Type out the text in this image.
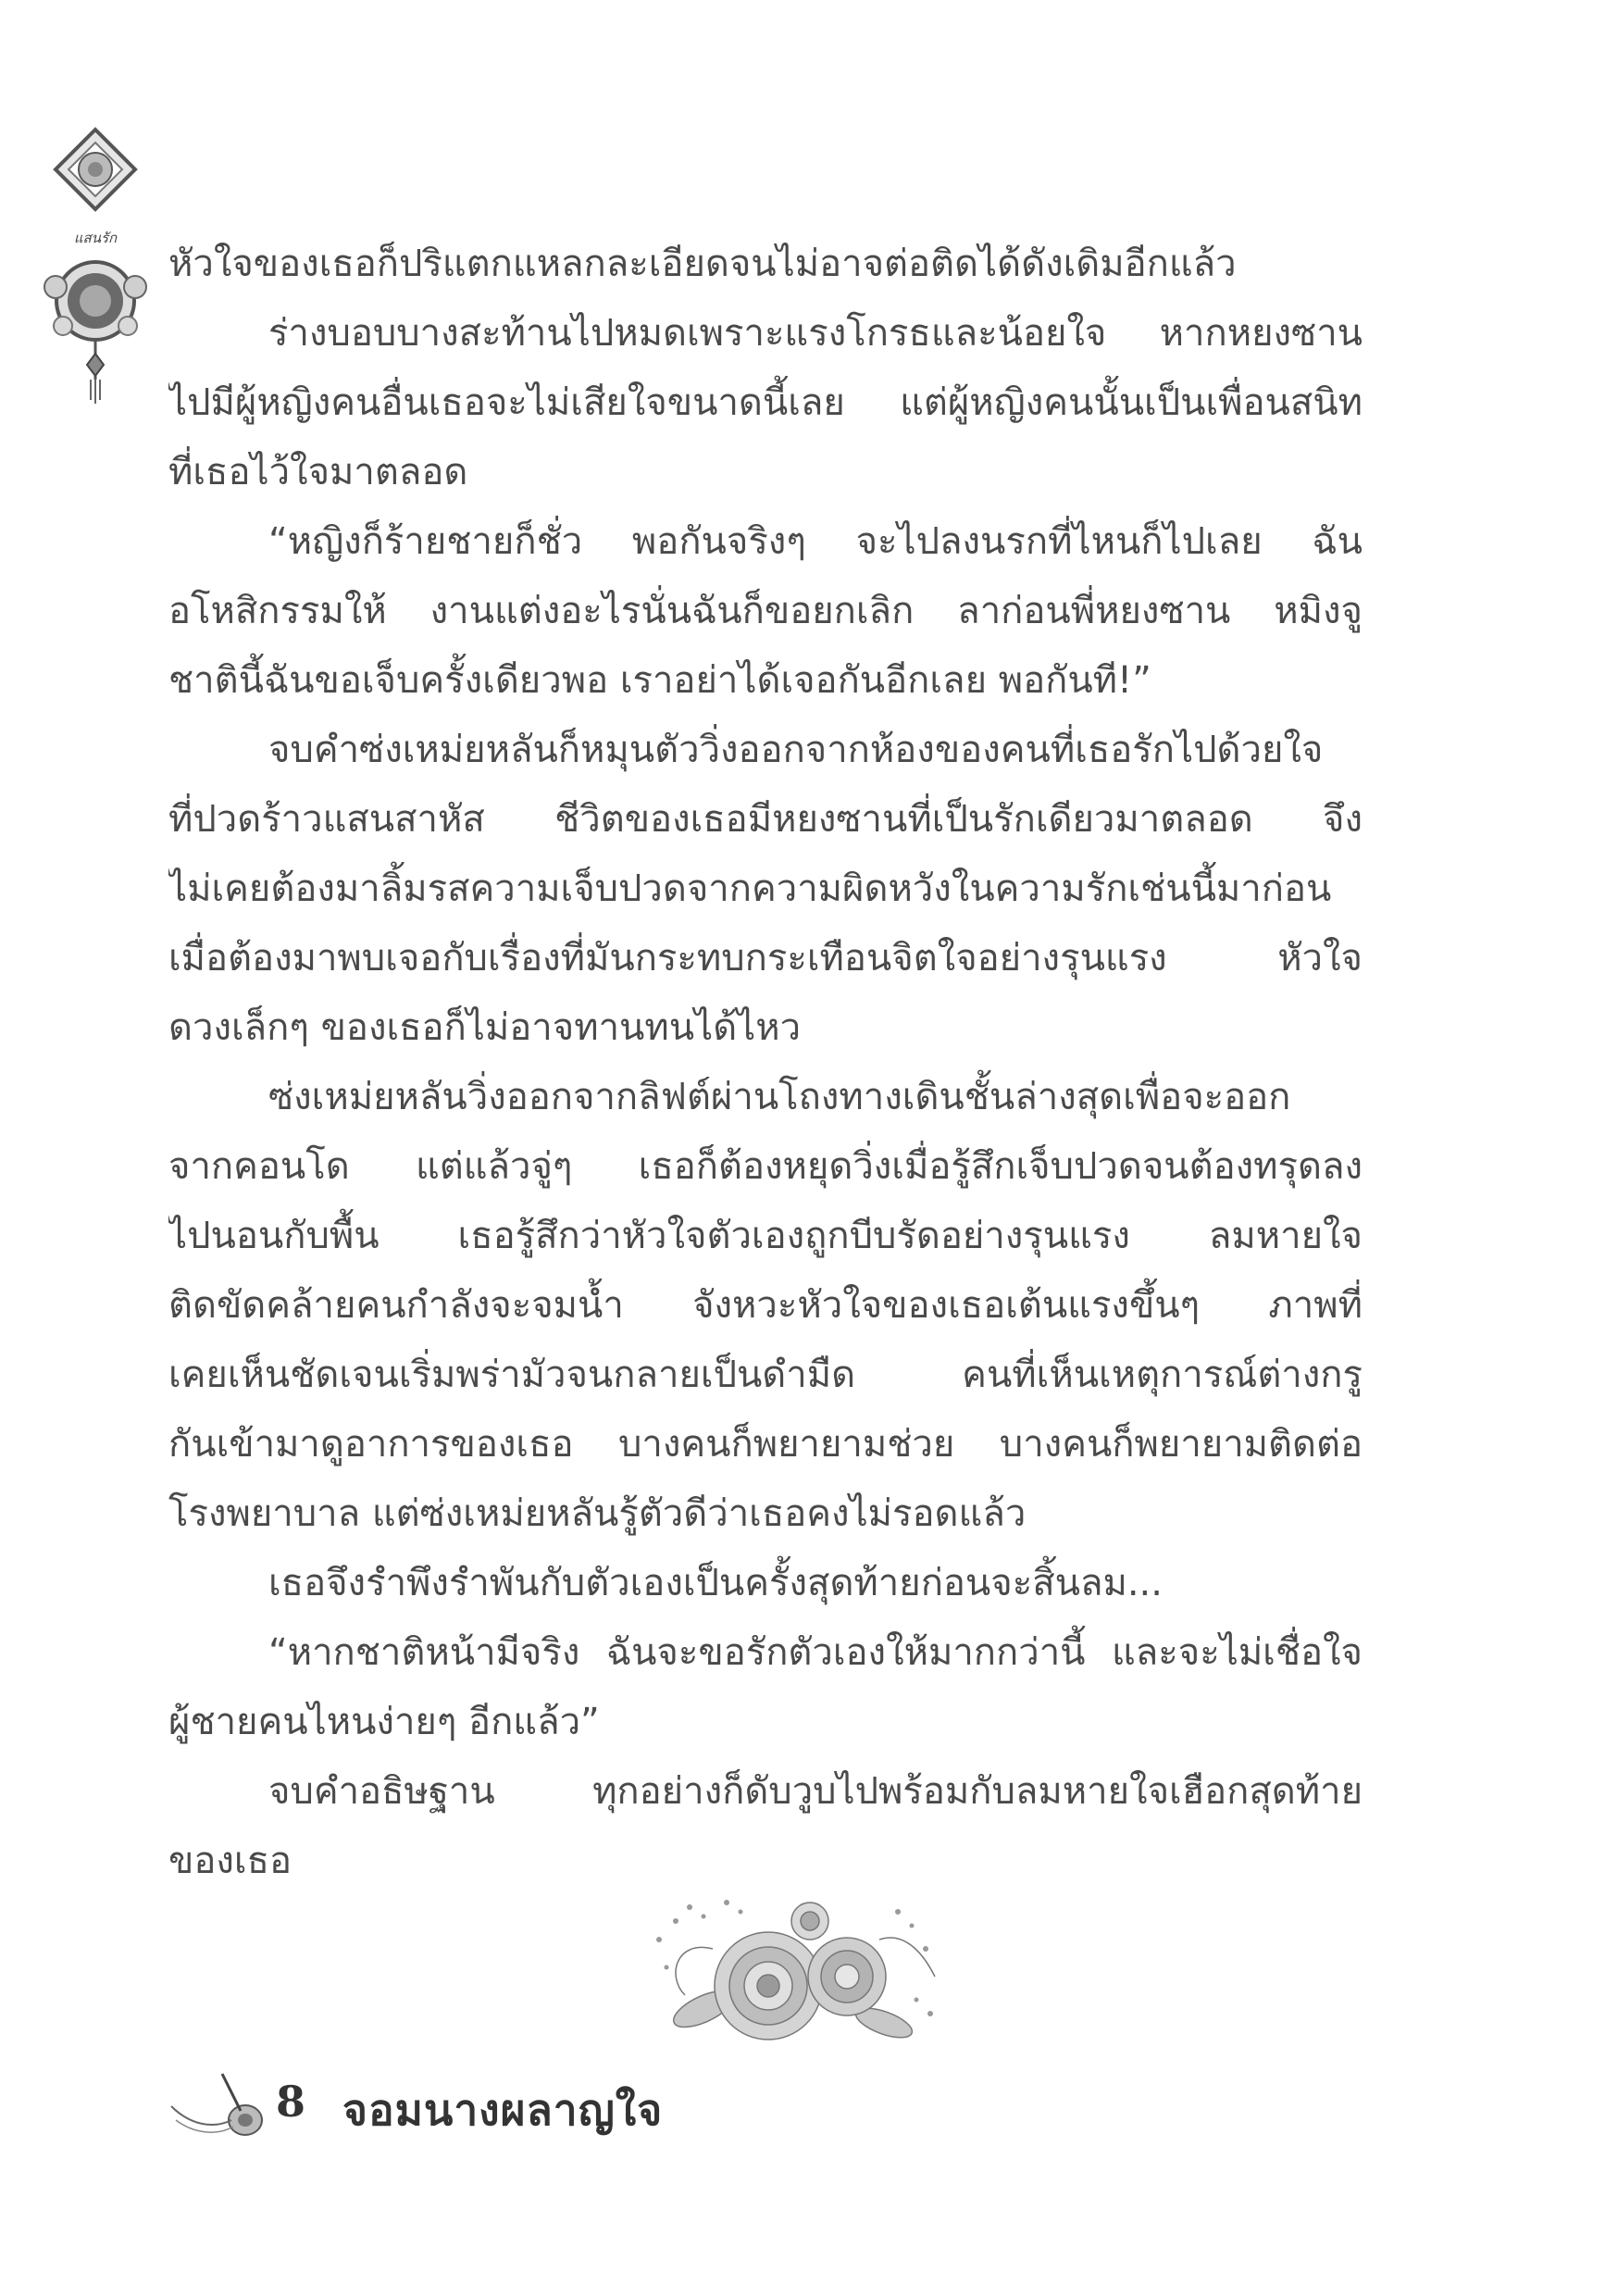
แสนรัก
หัวใจของเธอก็ปริแตกแหลกละเอียดจนไม่อาจต่อติดได้ดังเดิมอีกแล้ว
ร่างบอบบางสะท้านไปหมดเพราะแรงโกรธและน้อยใจ หากหยงซาน
ไปมีผู้หญิงคนอื่นเธอจะไม่เสียใจขนาดนี้เลย แต่ผู้หญิงคนนั้นเป็นเพื่อนสนิท
ที่เธอไว้ใจมาตลอด
“หญิงก็ร้ายชายก็ชั่ว พอกันจริงๆ จะไปลงนรกที่ไหนก็ไปเลย ฉัน
อโหสิกรรมให้ งานแต่งอะไรนั่นฉันก็ขอยกเลิก ลาก่อนพี่หยงซาน หมิงจู
ชาตินี้ฉันขอเจ็บครั้งเดียวพอ เราอย่าได้เจอกันอีกเลย พอกันที!”
จบคำซ่งเหม่ยหลันก็หมุนตัววิ่งออกจากห้องของคนที่เธอรักไปด้วยใจ
ที่ปวดร้าวแสนสาหัส ชีวิตของเธอมีหยงซานที่เป็นรักเดียวมาตลอด จึง
ไม่เคยต้องมาลิ้มรสความเจ็บปวดจากความผิดหวังในความรักเช่นนี้มาก่อน
เมื่อต้องมาพบเจอกับเรื่องที่มันกระทบกระเทือนจิตใจอย่างรุนแรง หัวใจ
ดวงเล็กๆ ของเธอก็ไม่อาจทานทนได้ไหว
ซ่งเหม่ยหลันวิ่งออกจากลิฟต์ผ่านโถงทางเดินชั้นล่างสุดเพื่อจะออก
จากคอนโด แต่แล้วจู่ๆ เธอก็ต้องหยุดวิ่งเมื่อรู้สึกเจ็บปวดจนต้องทรุดลง
ไปนอนกับพื้น เธอรู้สึกว่าหัวใจตัวเองถูกบีบรัดอย่างรุนแรง ลมหายใจ
ติดขัดคล้ายคนกำลังจะจมน้ำ จังหวะหัวใจของเธอเต้นแรงขึ้นๆ ภาพที่
เคยเห็นชัดเจนเริ่มพร่ามัวจนกลายเป็นดำมืด คนที่เห็นเหตุการณ์ต่างกรู
กันเข้ามาดูอาการของเธอ บางคนก็พยายามช่วย บางคนก็พยายามติดต่อ
โรงพยาบาล แต่ซ่งเหม่ยหลันรู้ตัวดีว่าเธอคงไม่รอดแล้ว
เธอจึงรำพึงรำพันกับตัวเองเป็นครั้งสุดท้ายก่อนจะสิ้นลม...
“หากชาติหน้ามีจริง ฉันจะขอรักตัวเองให้มากกว่านี้ และจะไม่เชื่อใจ
ผู้ชายคนไหนง่ายๆ อีกแล้ว”
จบคำอธิษฐาน ทุกอย่างก็ดับวูบไปพร้อมกับลมหายใจเฮือกสุดท้าย
ของเธอ
8 จอมนางผลาญใจ
